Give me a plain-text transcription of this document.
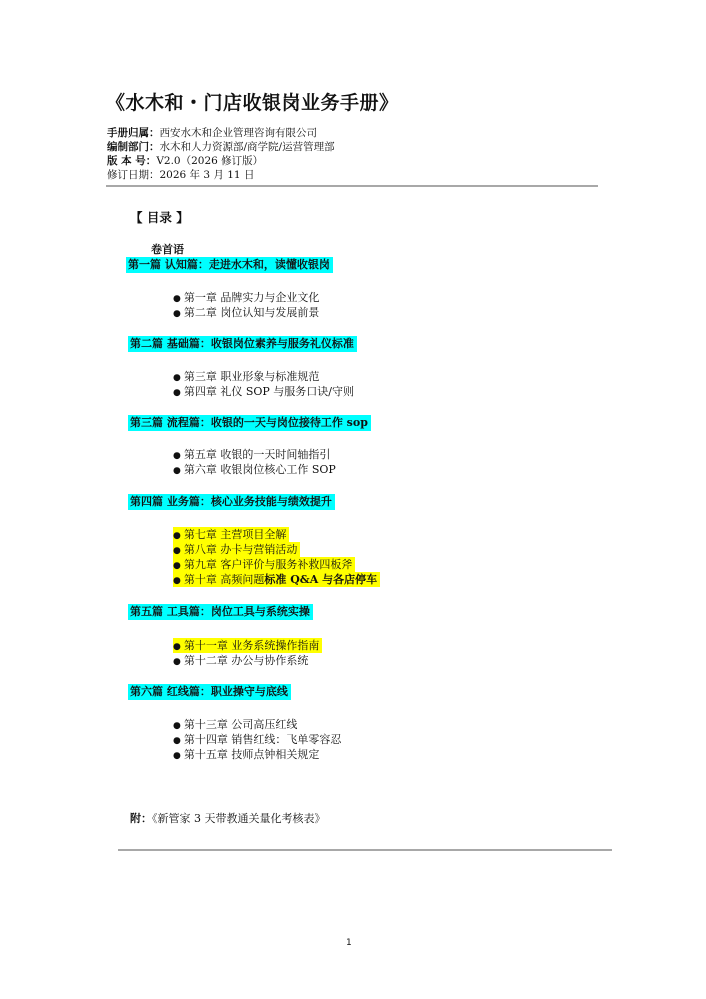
《水木和・门店收银岗业务手册》
手册归属：西安水木和企业管理咨询有限公司
编制部门：水木和人力资源部/商学院/运营管理部
版 本 号：V2.0（2026 修订版）
修订日期：2026 年 3 月 11 日
【 目录 】
卷首语
第一篇 认知篇：走进水木和，读懂收银岗
● 第一章 品牌实力与企业文化
● 第二章 岗位认知与发展前景
第二篇 基础篇：收银岗位素养与服务礼仪标准
● 第三章 职业形象与标准规范
● 第四章 礼仪 SOP 与服务口诀/守则
第三篇 流程篇：收银的一天与岗位接待工作 sop
● 第五章 收银的一天时间轴指引
● 第六章 收银岗位核心工作 SOP
第四篇 业务篇：核心业务技能与绩效提升
● 第七章 主营项目全解
● 第八章 办卡与营销活动
● 第九章 客户评价与服务补救四板斧
● 第十章 高频问题标准 Q&A 与各店停车
第五篇 工具篇：岗位工具与系统实操
● 第十一章 业务系统操作指南
● 第十二章 办公与协作系统
第六篇 红线篇：职业操守与底线
● 第十三章 公司高压红线
● 第十四章 销售红线：飞单零容忍
● 第十五章 技师点钟相关规定
附：《新管家 3 天带教通关量化考核表》
1
